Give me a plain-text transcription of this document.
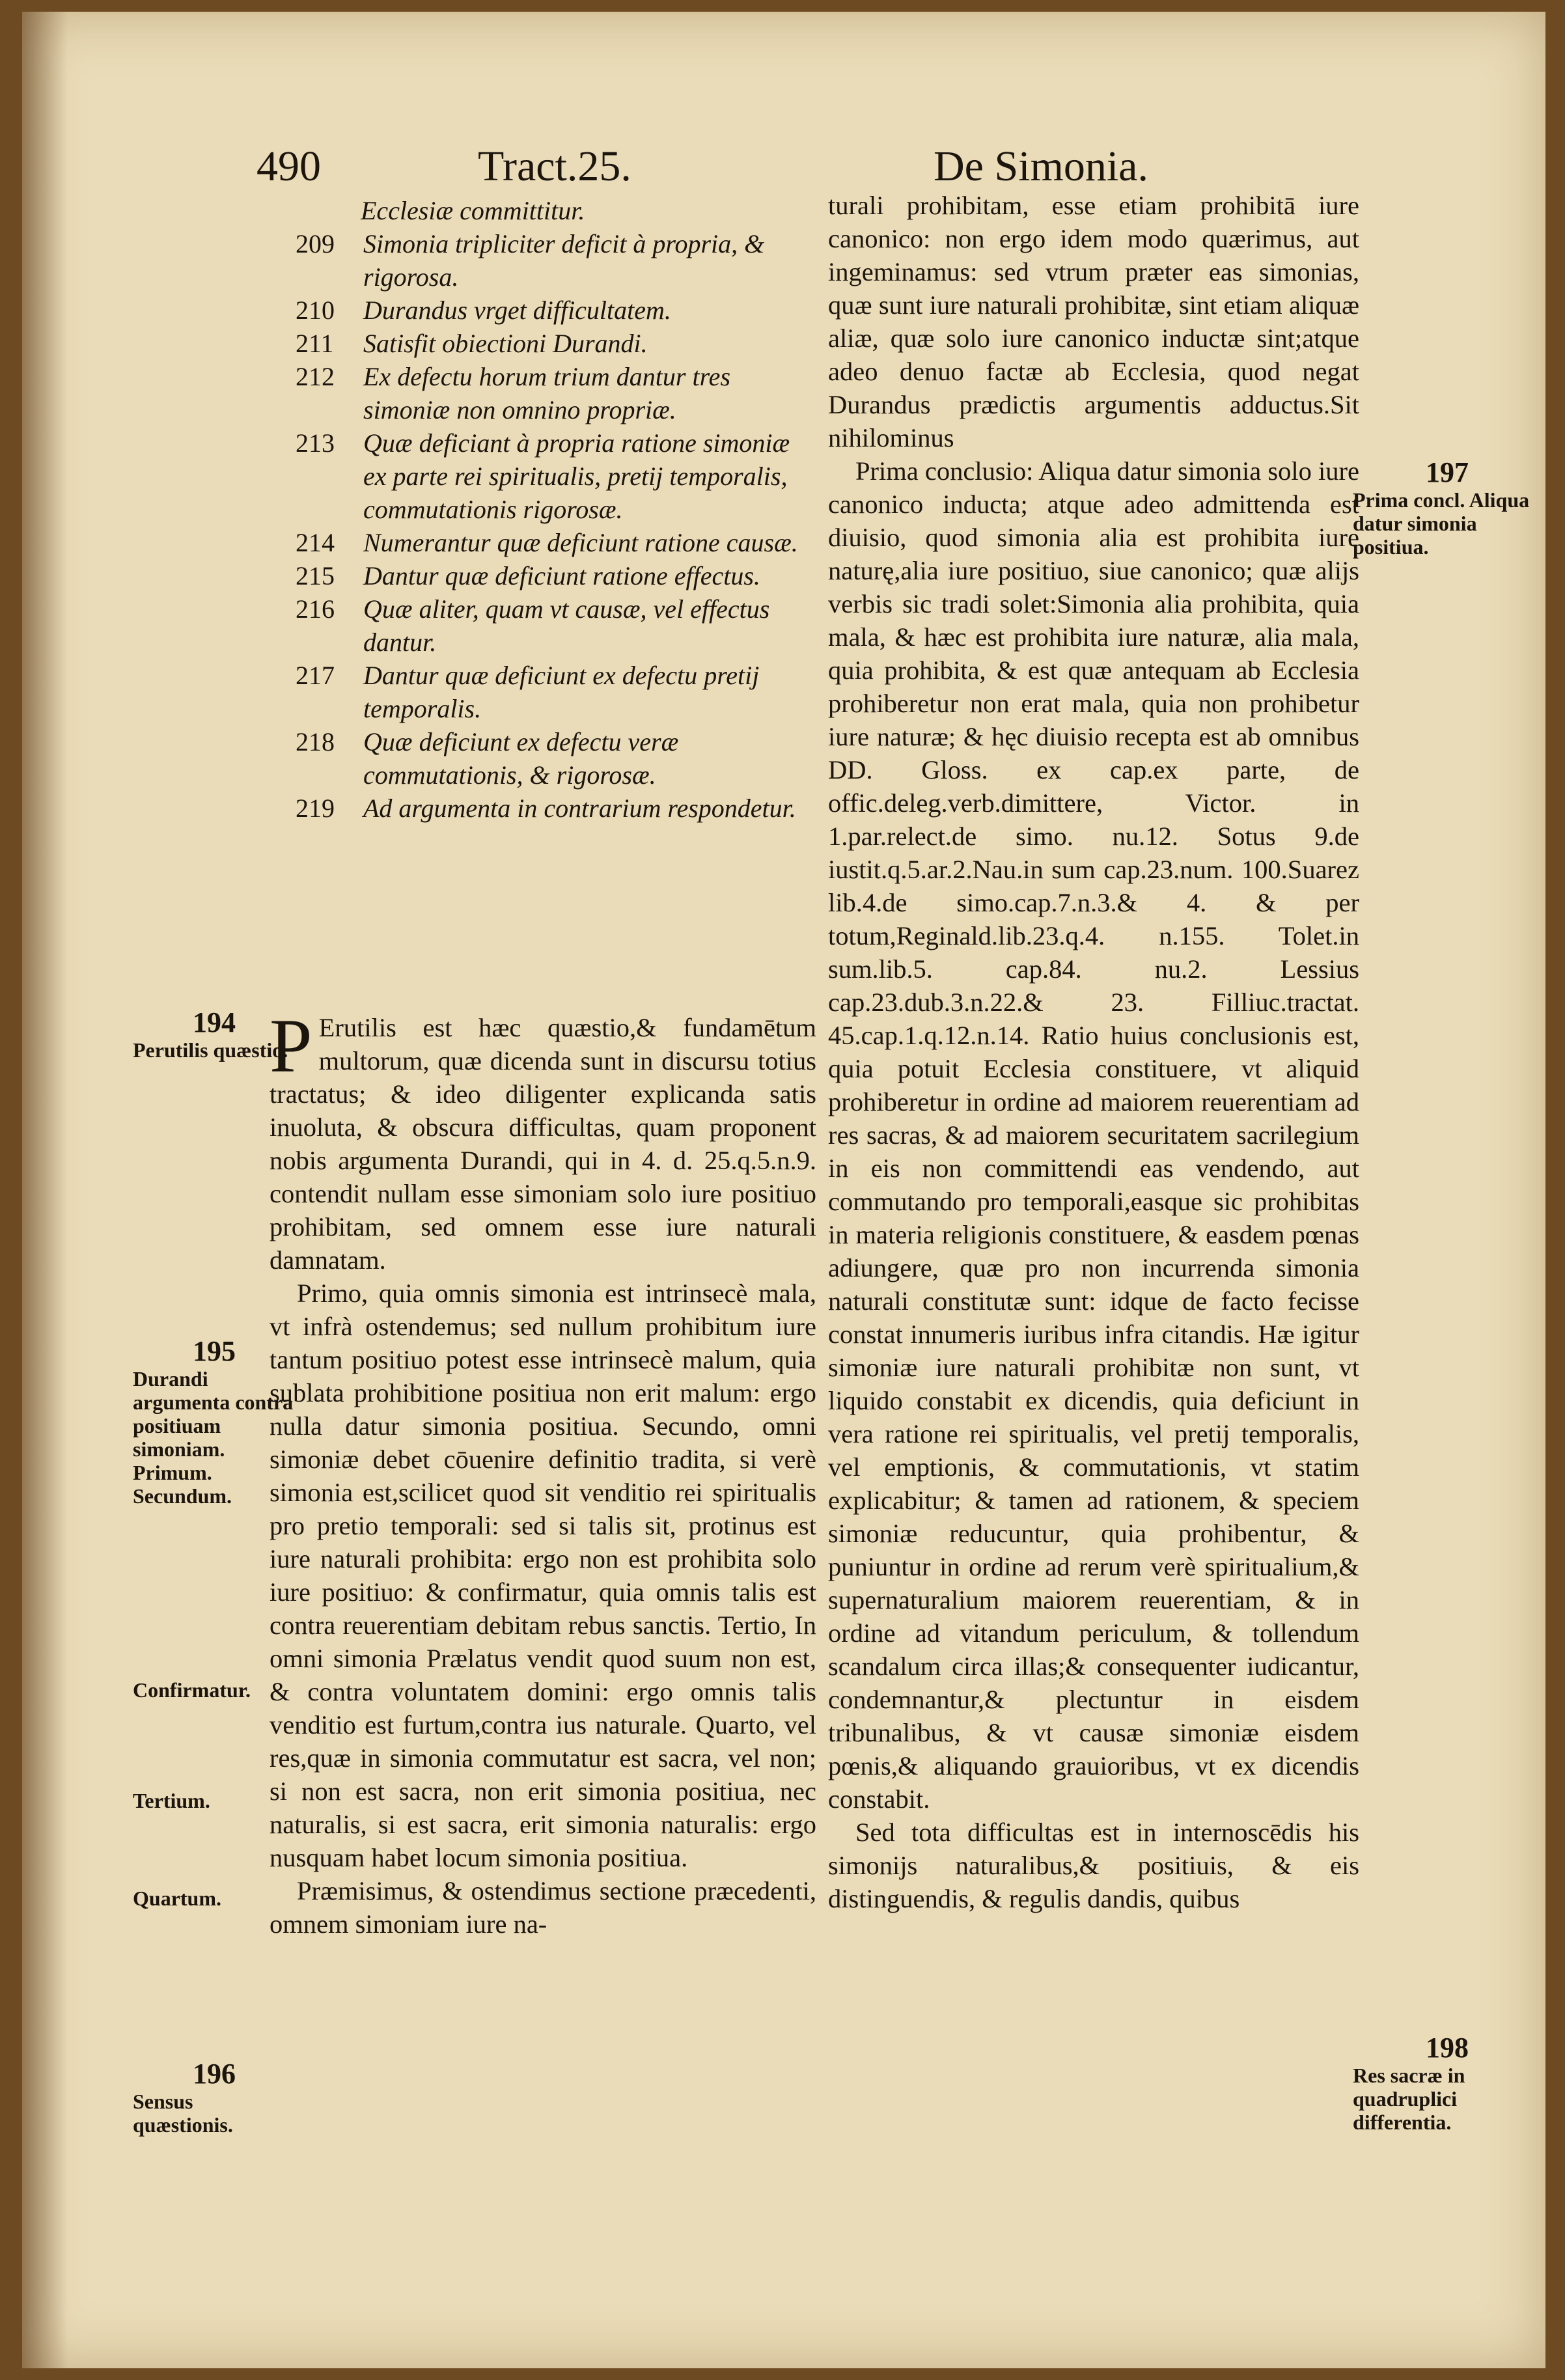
490	Tract.25.	De Simonia.
Ecclesiæ committitur.
209	Simonia tripliciter deficit à propria, & rigorosa.
210	Durandus vrget difficultatem.
211	Satisfit obiectioni Durandi.
212	Ex defectu horum trium dantur tres simoniæ non omnino propriæ.
213	Quæ deficiant à propria ratione simoniæ ex parte rei spiritualis, pretij temporalis, commutationis rigorosæ.
214	Numerantur quæ deficiunt ratione causæ.
215	Dantur quæ deficiunt ratione effectus.
216	Quæ aliter, quam vt causæ, vel effectus dantur.
217	Dantur quæ deficiunt ex defectu pretij temporalis.
218	Quæ deficiunt ex defectu veræ commutationis, & rigorosæ.
219	Ad argumenta in contrarium respondetur.

P Erutilis est hæc quæstio,& fundamētum multorum, quæ dicenda sunt in discursu totius tractatus; & ideo diligenter explicanda satis inuoluta, & obscura difficultas, quam proponent nobis argumenta Durandi, qui in 4. d. 25.q.5.n.9. contendit nullam esse simoniam solo iure positiuo prohibitam, sed omnem esse iure naturali damnatam.

Primo, quia omnis simonia est intrinsecè mala, vt infrà ostendemus; sed nullum prohibitum iure tantum positiuo potest esse intrinsecè malum, quia sublata prohibitione positiua non erit malum: ergo nulla datur simonia positiua. Secundo, omni simoniæ debet cōuenire definitio tradita, si verè simonia est,scilicet quod sit venditio rei spiritualis pro pretio temporali: sed si talis sit, protinus est iure naturali prohibita: ergo non est prohibita solo iure positiuo: & confirmatur, quia omnis talis est contra reuerentiam debitam rebus sanctis. Tertio, In omni simonia Prælatus vendit quod suum non est, & contra voluntatem domini: ergo omnis talis venditio est furtum,contra ius naturale. Quarto, vel res,quæ in simonia commutatur est sacra, vel non; si non est sacra, non erit simonia positiua, nec naturalis, si est sacra, erit simonia naturalis: ergo nusquam habet locum simonia positiua.

Præmisimus, & ostendimus sectione præcedenti, omnem simoniam iure na-

turali prohibitam, esse etiam prohibitā iure canonico: non ergo idem modo quærimus, aut ingeminamus: sed vtrum præter eas simonias, quæ sunt iure naturali prohibitæ, sint etiam aliquæ aliæ, quæ solo iure canonico inductæ sint;atque adeo denuo factæ ab Ecclesia, quod negat Durandus prædictis argumentis adductus.Sit nihilominus

Prima conclusio: Aliqua datur simonia solo iure canonico inducta; atque adeo admittenda est diuisio, quod simonia alia est prohibita iure naturę,alia iure positiuo, siue canonico; quæ alijs verbis sic tradi solet:Simonia alia prohibita, quia mala, & hæc est prohibita iure naturæ, alia mala, quia prohibita, & est quæ antequam ab Ecclesia prohiberetur non erat mala, quia non prohibetur iure naturæ; & hęc diuisio recepta est ab omnibus DD. Gloss. ex cap.ex parte, de offic.deleg.verb.dimittere, Victor. in 1.par.relect.de simo. nu.12. Sotus 9.de iustit.q.5.ar.2.Nau.in sum cap.23.num. 100.Suarez lib.4.de simo.cap.7.n.3.& 4. & per totum,Reginald.lib.23.q.4. n.155. Tolet.in sum.lib.5. cap.84. nu.2. Lessius cap.23.dub.3.n.22.& 23. Filliuc.tractat. 45.cap.1.q.12.n.14. Ratio huius conclusionis est, quia potuit Ecclesia constituere, vt aliquid prohiberetur in ordine ad maiorem reuerentiam ad res sacras, & ad maiorem securitatem sacrilegium in eis non committendi eas vendendo, aut commutando pro temporali,easque sic prohibitas in materia religionis constituere, & easdem pœnas adiungere, quæ pro non incurrenda simonia naturali constitutæ sunt: idque de facto fecisse constat innumeris iuribus infra citandis. Hæ igitur simoniæ iure naturali prohibitæ non sunt, vt liquido constabit ex dicendis, quia deficiunt in vera ratione rei spiritualis, vel pretij temporalis, vel emptionis, & commutationis, vt statim explicabitur; & tamen ad rationem, & speciem simoniæ reducuntur, quia prohibentur, & puniuntur in ordine ad rerum verè spiritualium,& supernaturalium maiorem reuerentiam, & in ordine ad vitandum periculum, & tollendum scandalum circa illas;& consequenter iudicantur, condemnantur,& plectuntur in eisdem tribunalibus, & vt causæ simoniæ eisdem pœnis,& aliquando grauioribus, vt ex dicendis constabit.

Sed tota difficultas est in internoscēdis his simonijs naturalibus,& positiuis, & eis distinguendis, & regulis dandis, quibus

194
Perutilis quæstio.
195
Durandi argumenta contra positiuam simoniam. Primum. Secundum.
Confirmatur.
Tertium.
Quartum.
196
Sensus quæstionis.
197
Prima concl. Aliqua datur simonia positiua.
198
Res sacræ in quadruplici differentia.
